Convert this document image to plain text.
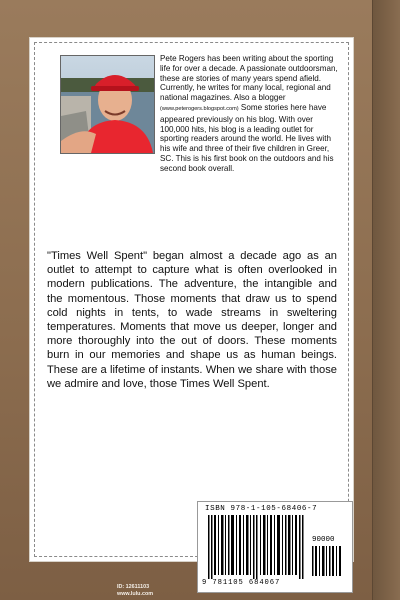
Pete Rogers has been writing about the sporting life for over a decade. A passionate outdoorsman, these are stories of many years spend afield. Currently, he writes for many local, regional and national magazines. Also a blogger (www.peterogers.blogspot.com) Some stories here have appeared previously on his blog. With over 100,000 hits, his blog is a leading outlet for sporting readers around the world. He lives with his wife and three of their five children in Greer, SC. This is his first book on the outdoors and his second book overall.
"Times Well Spent" began almost a decade ago as an outlet to attempt to capture what is often overlooked in modern publications. The adventure, the intangible and the momentous. Those moments that draw us to spend cold nights in tents, to wade streams in sweltering temperatures. Moments that move us deeper, longer and more thoroughly into the out of doors. These moments burn in our memories and shape us as human beings. These are a lifetime of instants. When we share with those we admire and love, those Times Well Spent.
ISBN 978-1-105-68406-7
90000
9 781105 684067
ID: 12611103
www.lulu.com
